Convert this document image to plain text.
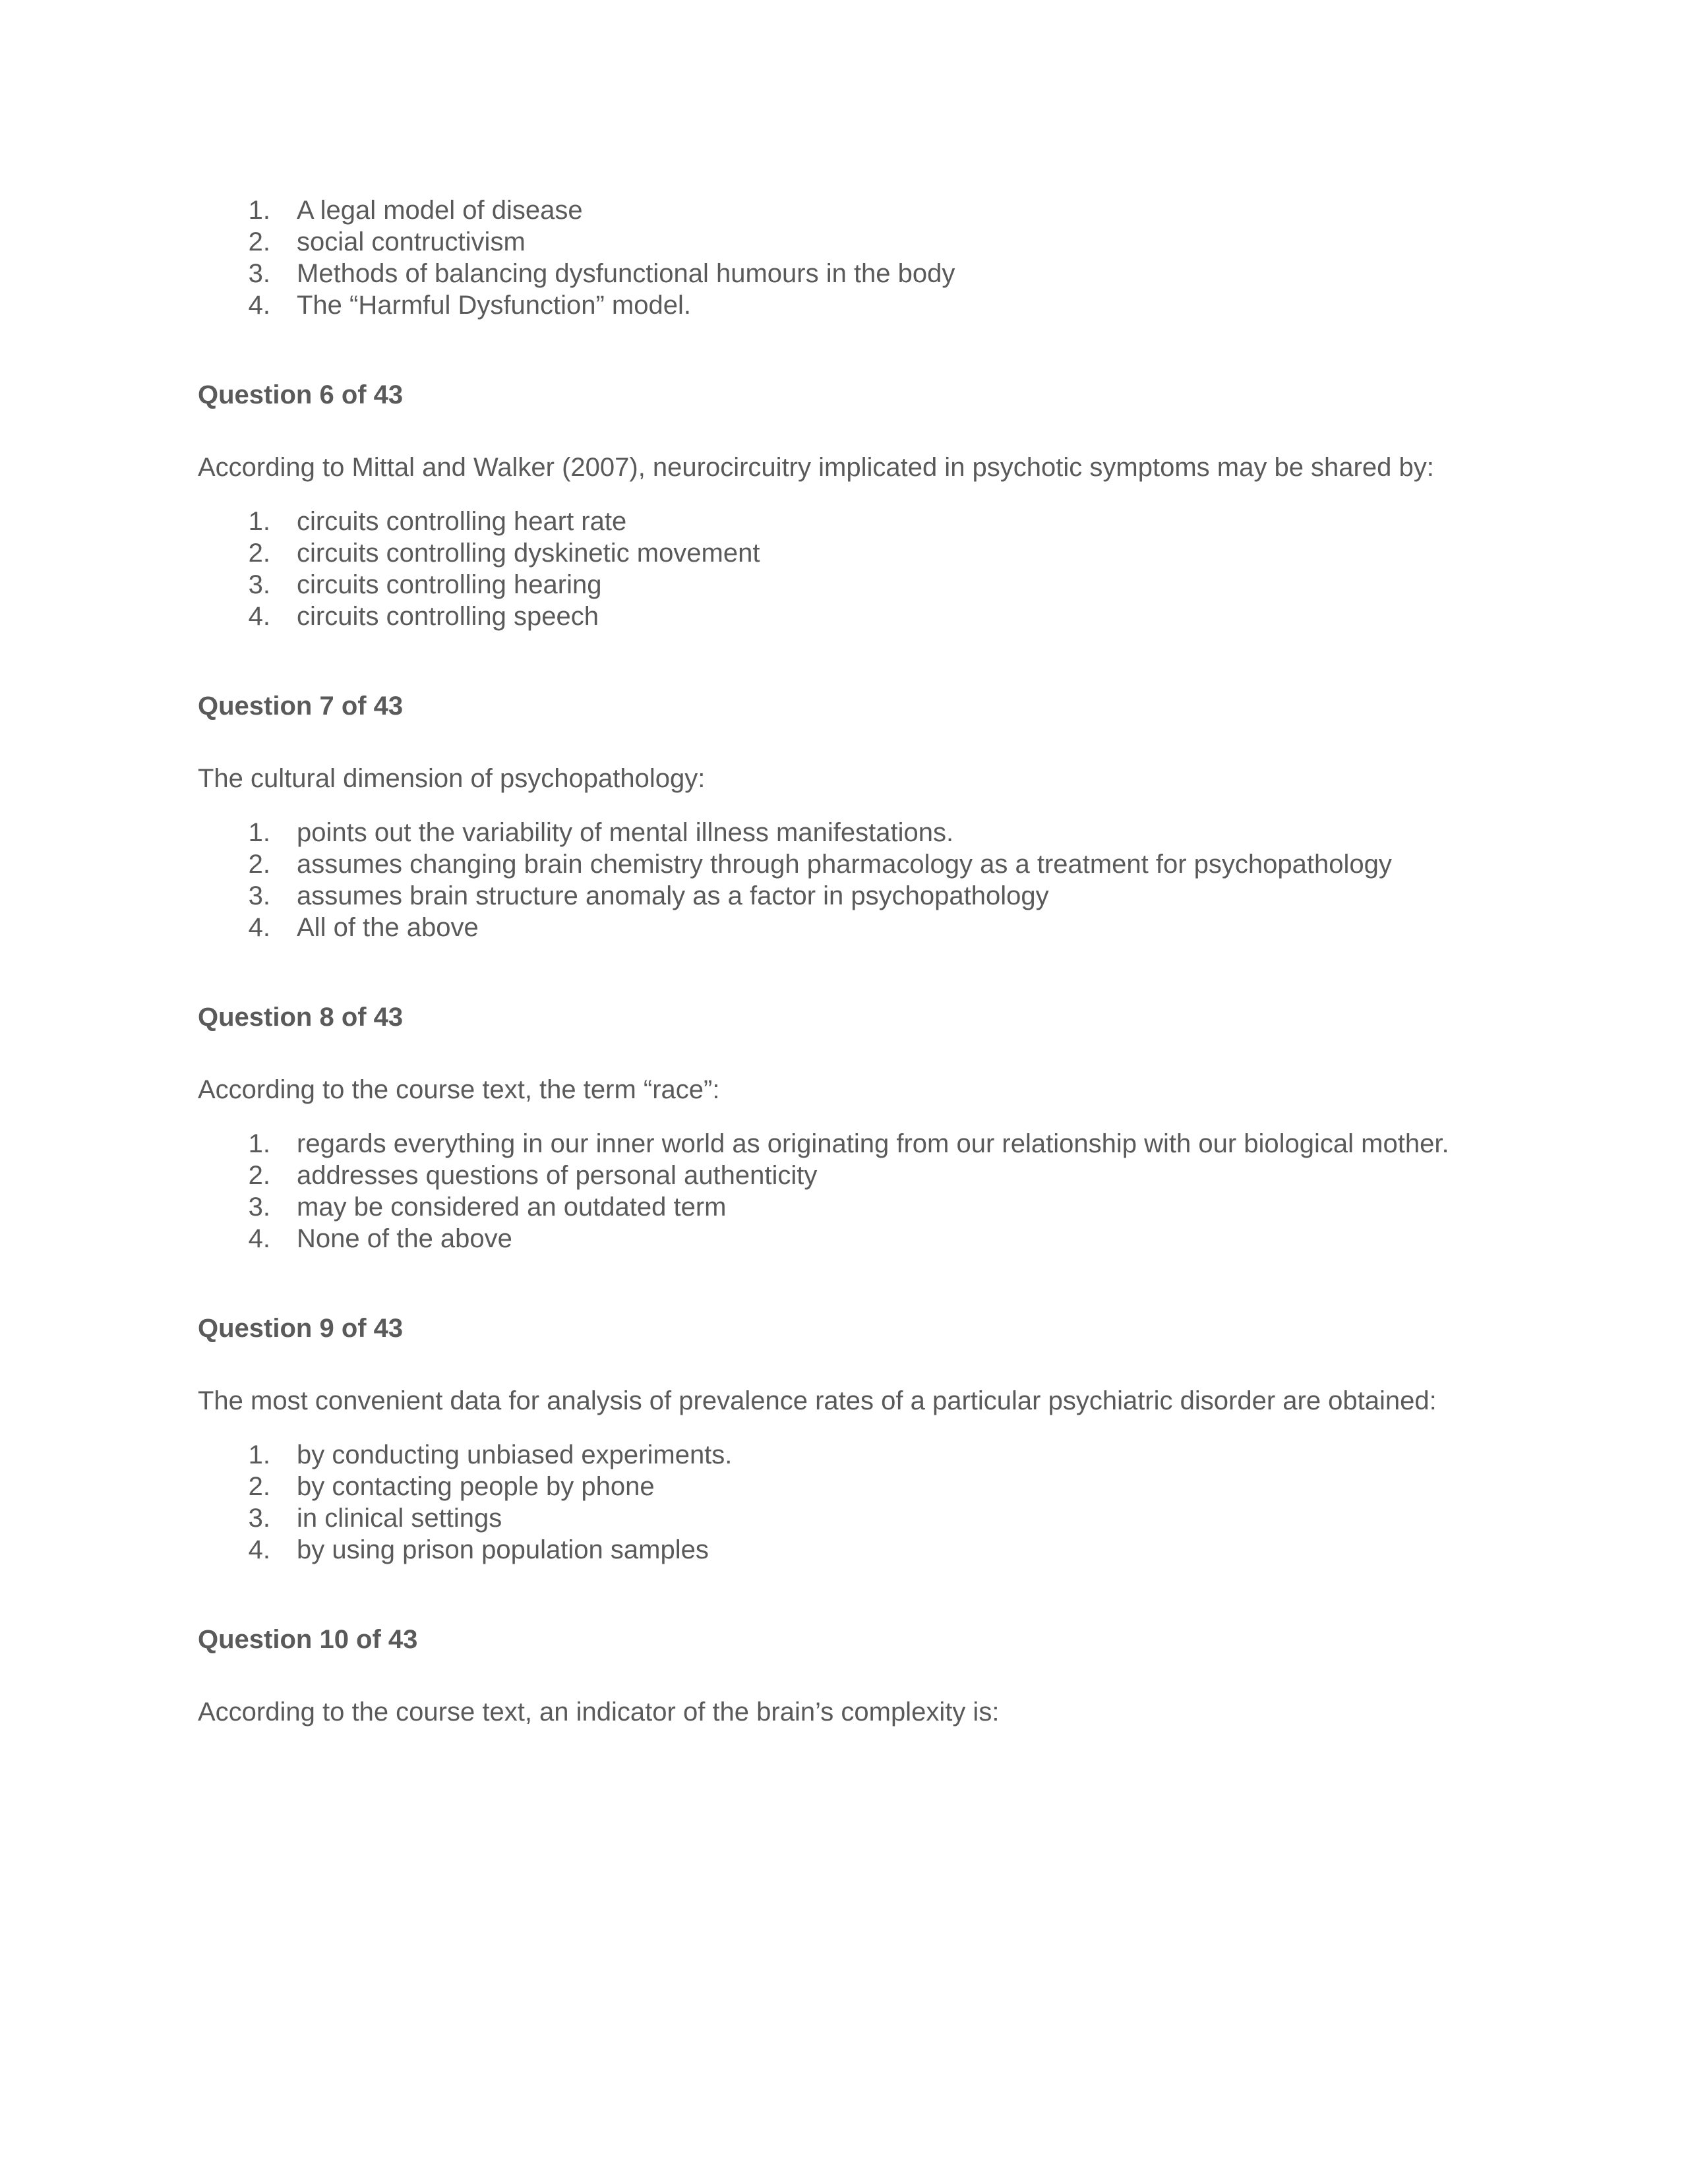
1. A legal model of disease
2. social contructivism
3. Methods of balancing dysfunctional humours in the body
4. The “Harmful Dysfunction” model.
Question 6 of 43
According to Mittal and Walker (2007), neurocircuitry implicated in psychotic symptoms may be shared by:
1. circuits controlling heart rate
2. circuits controlling dyskinetic movement
3. circuits controlling hearing
4. circuits controlling speech
Question 7 of 43
The cultural dimension of psychopathology:
1. points out the variability of mental illness manifestations.
2. assumes changing brain chemistry through pharmacology as a treatment for psychopathology
3. assumes brain structure anomaly as a factor in psychopathology
4. All of the above
Question 8 of 43
According to the course text, the term “race”:
1. regards everything in our inner world as originating from our relationship with our biological mother.
2. addresses questions of personal authenticity
3. may be considered an outdated term
4. None of the above
Question 9 of 43
The most convenient data for analysis of prevalence rates of a particular psychiatric disorder are obtained:
1. by conducting unbiased experiments.
2. by contacting people by phone
3. in clinical settings
4. by using prison population samples
Question 10 of 43
According to the course text, an indicator of the brain’s complexity is:
